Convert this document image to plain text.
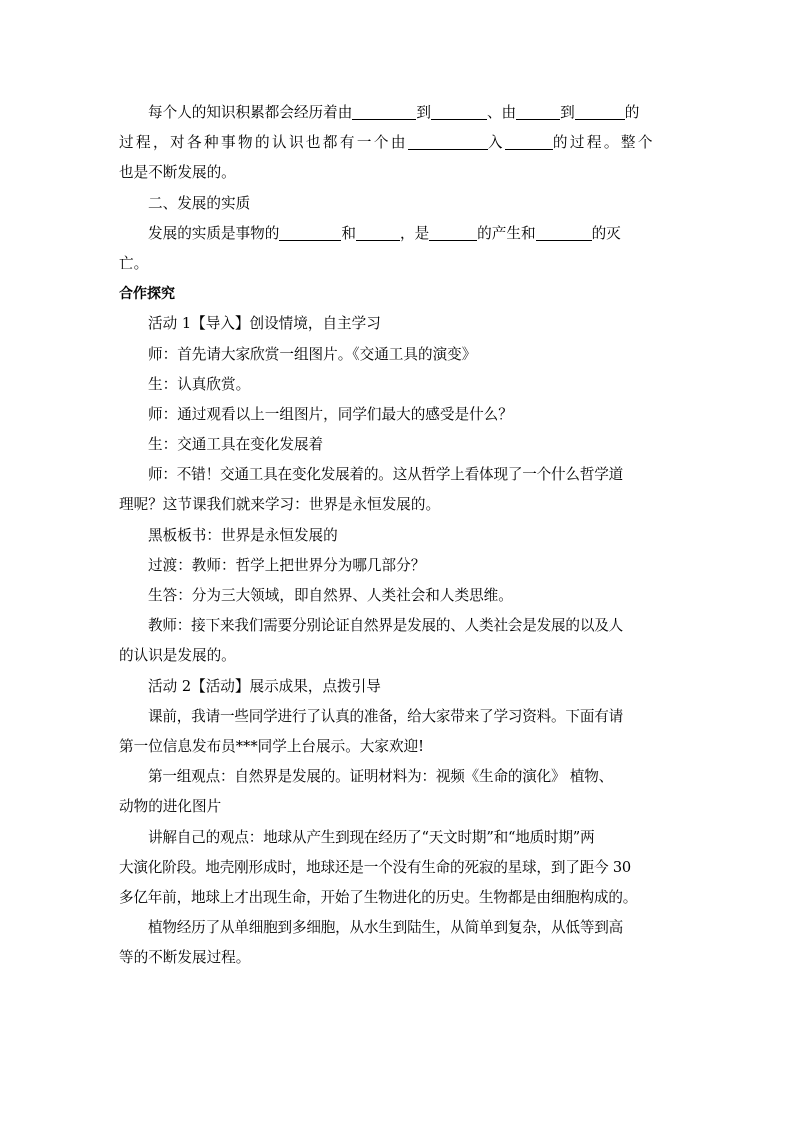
每个人的知识积累都会经历着由	到	、由	到	的
过程，对各种事物的认识也都有一个由	入	的过程。整个
也是不断发展的。
二、发展的实质
发展的实质是事物的	和	，是	的产生和	的灭
亡。
合作探究
活动 1【导入】创设情境，自主学习
师：首先请大家欣赏一组图片。《交通工具的演变》
生：认真欣赏。
师：通过观看以上一组图片，同学们最大的感受是什么？
生：交通工具在变化发展着
师：不错！交通工具在变化发展着的。这从哲学上看体现了一个什么哲学道
理呢？这节课我们就来学习：世界是永恒发展的。
黑板板书：世界是永恒发展的
过渡：教师：哲学上把世界分为哪几部分？
生答：分为三大领域，即自然界、人类社会和人类思维。
教师：接下来我们需要分别论证自然界是发展的、人类社会是发展的以及人
的认识是发展的。
活动 2【活动】展示成果，点拨引导
课前，我请一些同学进行了认真的准备，给大家带来了学习资料。下面有请
第一位信息发布员***同学上台展示。大家欢迎!
第一组观点：自然界是发展的。证明材料为：视频《生命的演化》 植物、
动物的进化图片
讲解自己的观点：地球从产生到现在经历了“天文时期”和“地质时期”两
大演化阶段。地壳刚形成时，地球还是一个没有生命的死寂的星球，到了距今 30
多亿年前，地球上才出现生命，开始了生物进化的历史。生物都是由细胞构成的。
植物经历了从单细胞到多细胞，从水生到陆生，从简单到复杂，从低等到高
等的不断发展过程。
